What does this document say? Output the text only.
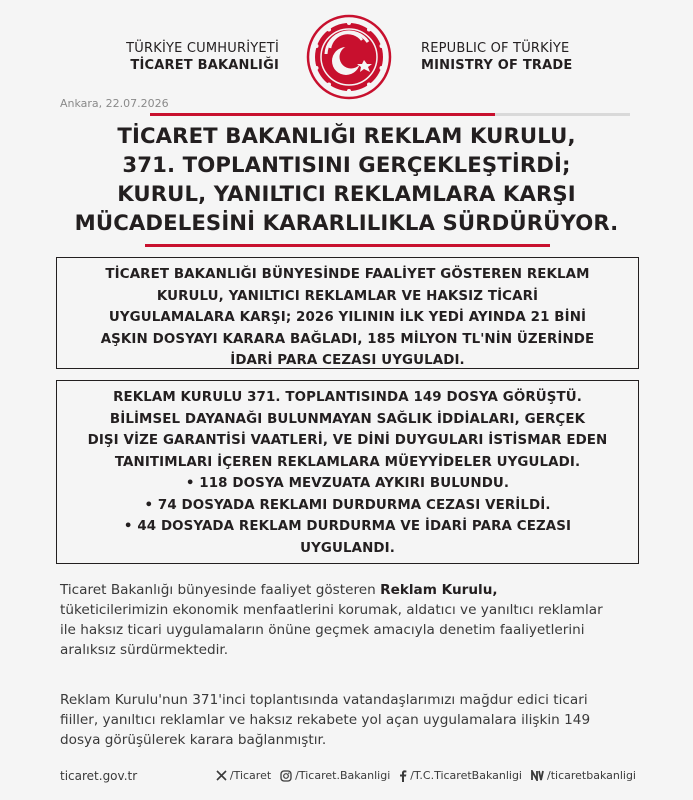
TÜRKİYE CUMHURİYETİ
TİCARET BAKANLIĞI
REPUBLIC OF TÜRKİYE
MINISTRY OF TRADE
Ankara, 22.07.2026
TİCARET BAKANLIĞI REKLAM KURULU,
371. TOPLANTISINI GERÇEKLEŞTİRDİ;
KURUL, YANILTICI REKLAMLARA KARŞI
MÜCADELESİNİ KARARLILIKLA SÜRDÜRÜYOR.
TİCARET BAKANLIĞI BÜNYESİNDE FAALİYET GÖSTEREN REKLAM
KURULU, YANILTICI REKLAMLAR VE HAKSIZ TİCARİ
UYGULAMALARA KARŞI; 2026 YILININ İLK YEDİ AYINDA 21 BİNİ
AŞKIN DOSYAYI KARARA BAĞLADI, 185 MİLYON TL'NİN ÜZERİNDE
İDARİ PARA CEZASI UYGULADI.
REKLAM KURULU 371. TOPLANTISINDA 149 DOSYA GÖRÜŞTÜ.
BİLİMSEL DAYANAĞI BULUNMAYAN SAĞLIK İDDİALARI, GERÇEK
DIŞI VİZE GARANTİSİ VAATLERİ, VE DİNİ DUYGULARI İSTİSMAR EDEN
TANITIMLARI İÇEREN REKLAMLARA MÜEYYİDELER UYGULADI.
• 118 DOSYA MEVZUATA AYKIRI BULUNDU.
• 74 DOSYADA REKLAMI DURDURMA CEZASI VERİLDİ.
• 44 DOSYADA REKLAM DURDURMA VE İDARİ PARA CEZASI
UYGULANDI.
Ticaret Bakanlığı bünyesinde faaliyet gösteren Reklam Kurulu,
tüketicilerimizin ekonomik menfaatlerini korumak, aldatıcı ve yanıltıcı reklamlar
ile haksız ticari uygulamaların önüne geçmek amacıyla denetim faaliyetlerini
aralıksız sürdürmektedir.
Reklam Kurulu'nun 371'inci toplantısında vatandaşlarımızı mağdur edici ticari
fiiller, yanıltıcı reklamlar ve haksız rekabete yol açan uygulamalara ilişkin 149
dosya görüşülerek karara bağlanmıştır.
ticaret.gov.tr	/Ticaret /Ticaret.Bakanligi /T.C.TicaretBakanligi /ticaretbakanligi
